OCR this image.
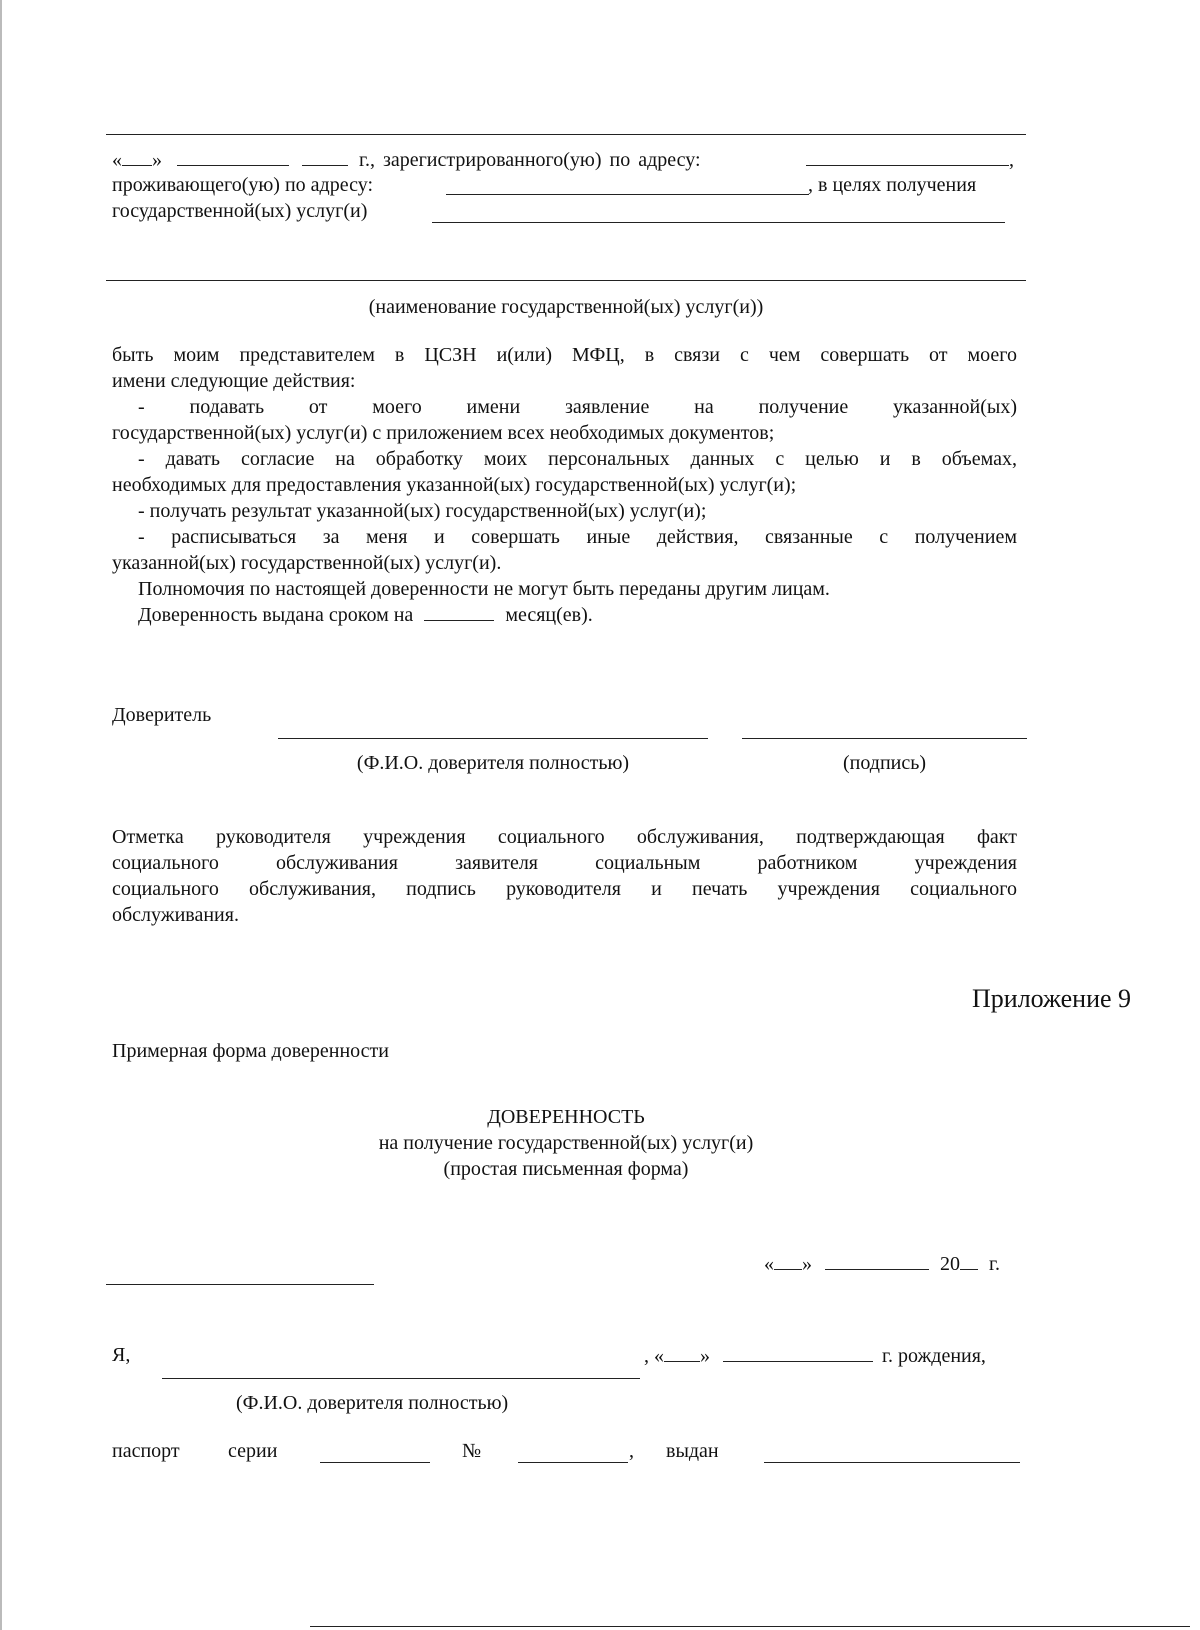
« »	г., зарегистрированного(ую) по адресу:	,
проживающего(ую) по адресу:	, в целях получения
государственной(ых) услуг(и)
(наименование государственной(ых) услуг(и))
быть моим представителем в ЦСЗН и(или) МФЦ, в связи с чем совершать от моего
имени следующие действия:
- подавать от моего имени заявление на получение указанной(ых)
государственной(ых) услуг(и) с приложением всех необходимых документов;
- давать согласие на обработку моих персональных данных с целью и в объемах,
необходимых для предоставления указанной(ых) государственной(ых) услуг(и);
- получать результат указанной(ых) государственной(ых) услуг(и);
- расписываться за меня и совершать иные действия, связанные с получением
указанной(ых) государственной(ых) услуг(и).
Полномочия по настоящей доверенности не могут быть переданы другим лицам.
Доверенность выдана сроком на	месяц(ев).
Доверитель
(Ф.И.О. доверителя полностью)	(подпись)
Отметка руководителя учреждения социального обслуживания, подтверждающая факт
социального обслуживания заявителя социальным работником учреждения
социального обслуживания, подпись руководителя и печать учреждения социального
обслуживания.
Приложение 9
Примерная форма доверенности
ДОВЕРЕННОСТЬ
на получение государственной(ых) услуг(и)
(простая письменная форма)
« »	20 г.
Я,	, « »	г. рождения,
(Ф.И.О. доверителя полностью)
паспорт серии	№	, выдан
